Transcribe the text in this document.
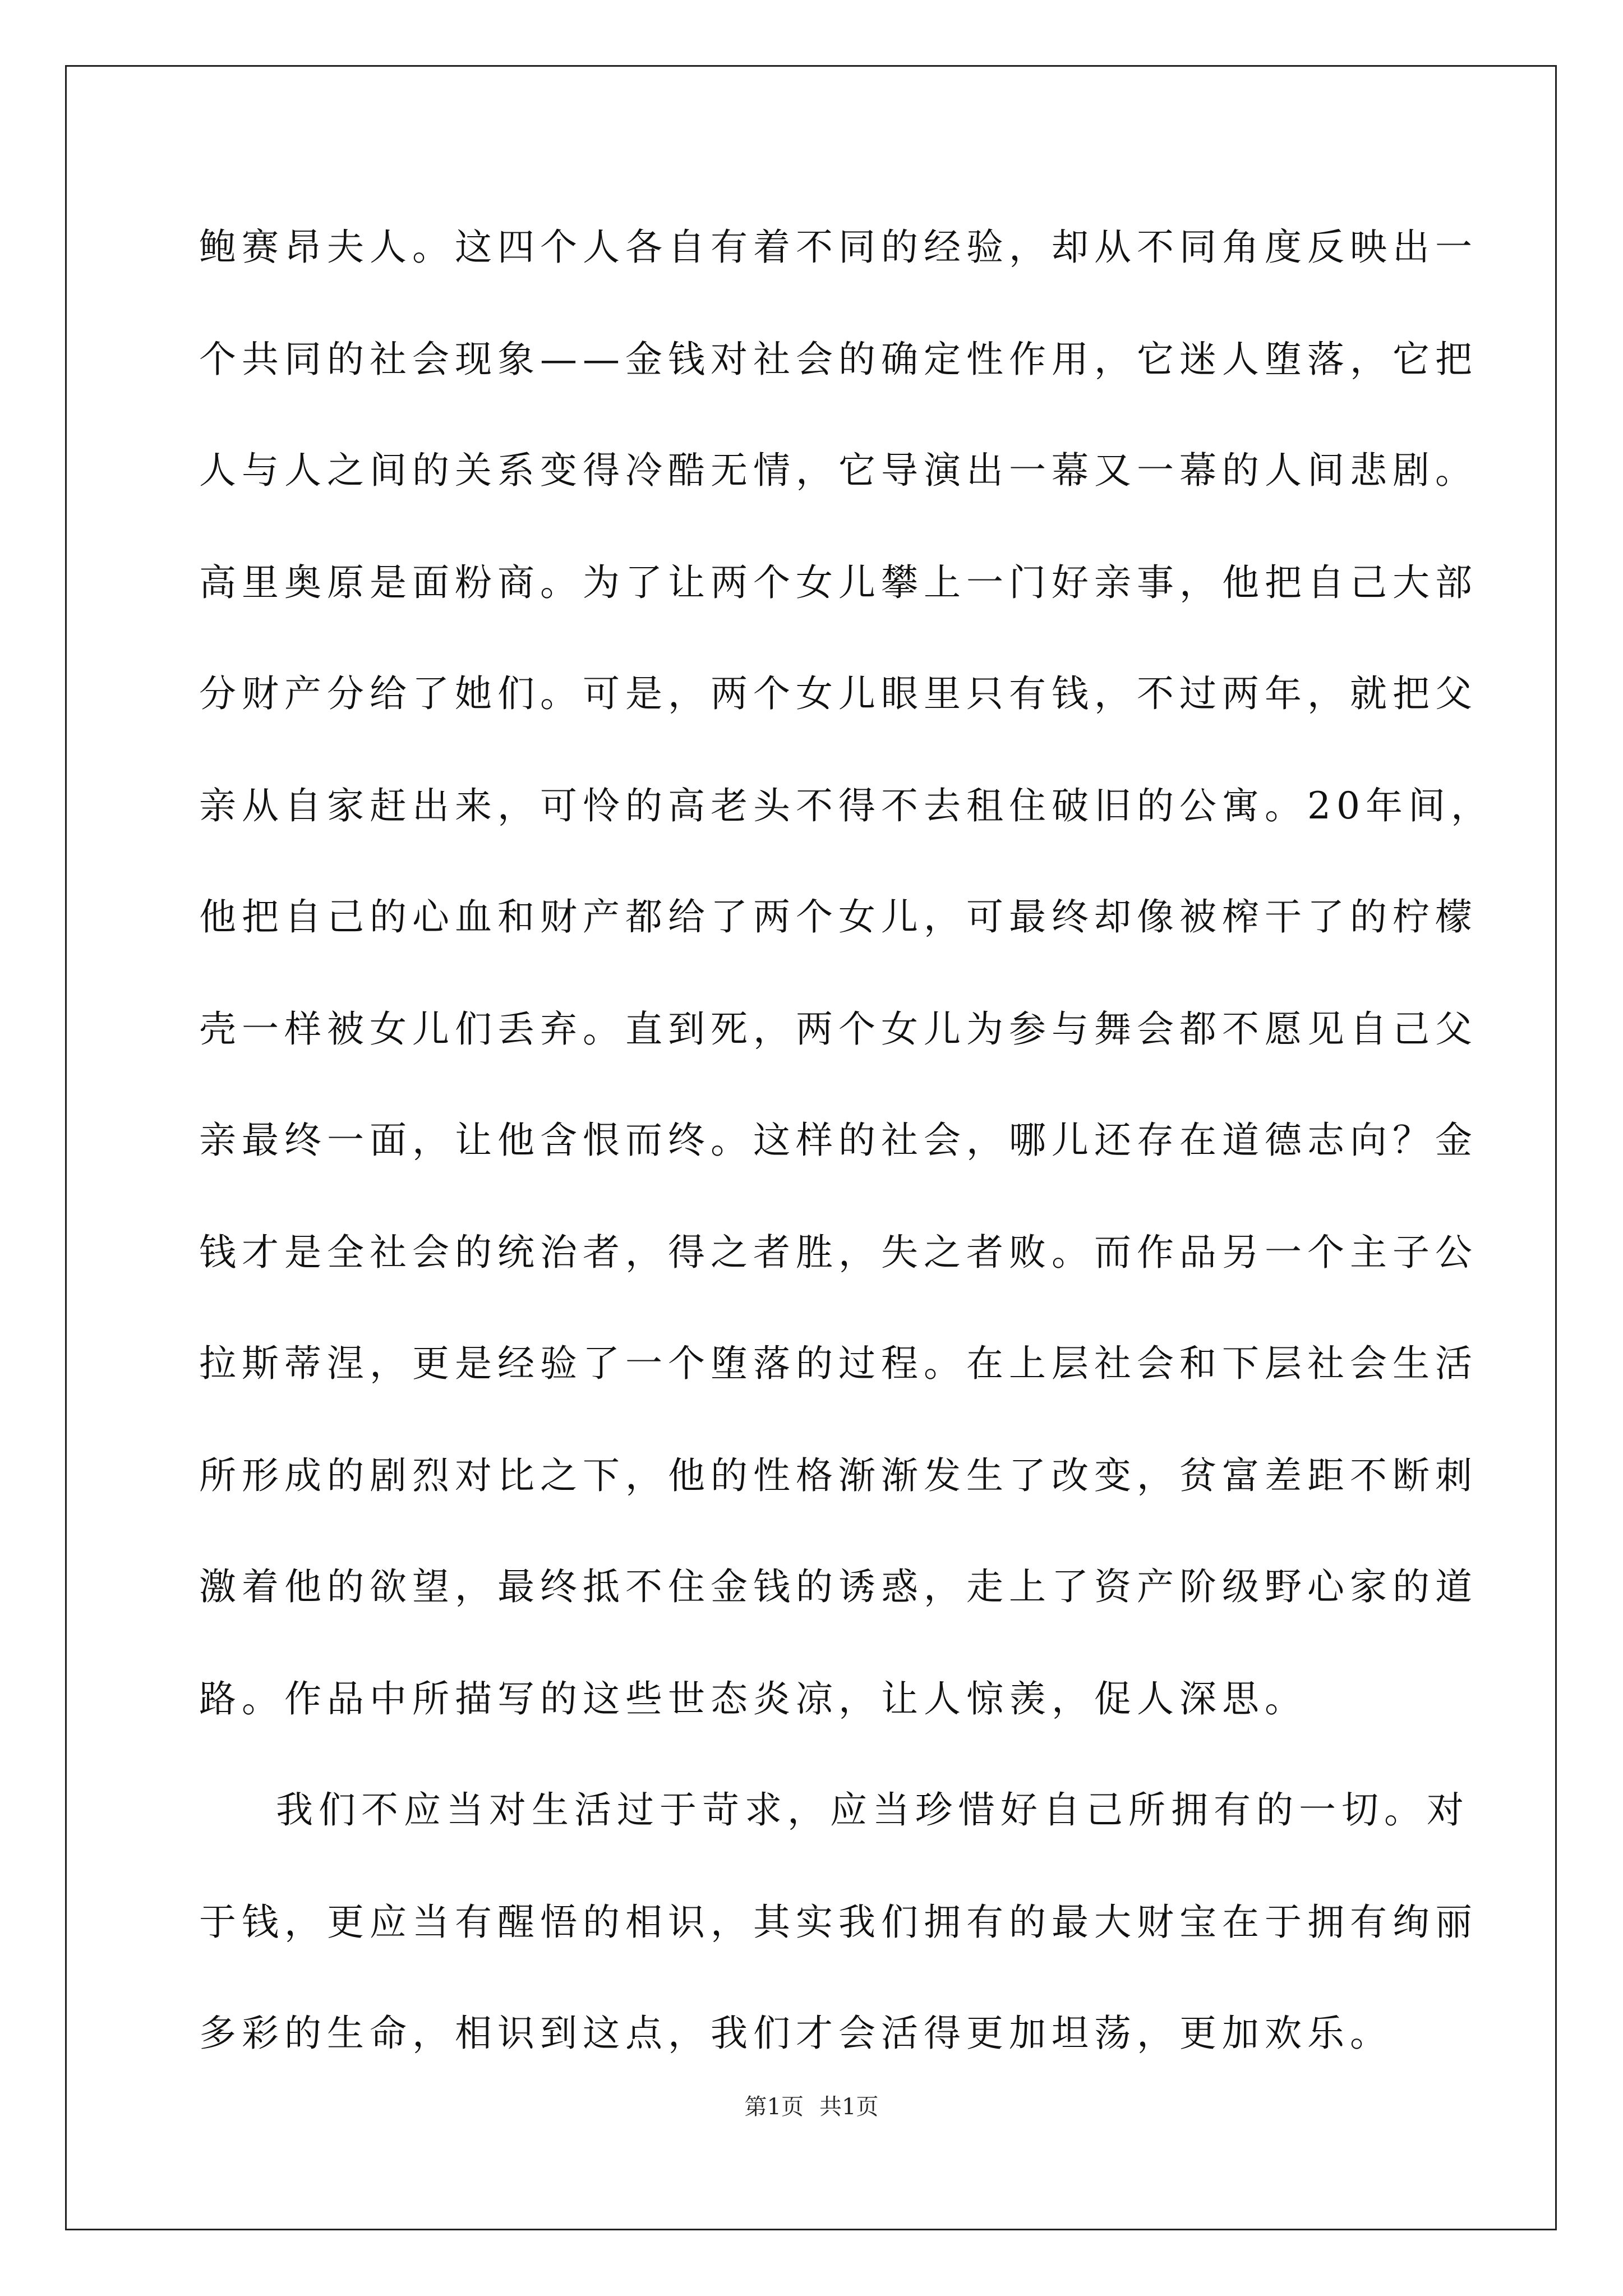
鲍赛昂夫人。这四个人各自有着不同的经验，却从不同角度反映出一
个共同的社会现象——金钱对社会的确定性作用，它迷人堕落，它把
人与人之间的关系变得冷酷无情，它导演出一幕又一幕的人间悲剧。
高里奥原是面粉商。为了让两个女儿攀上一门好亲事，他把自己大部
分财产分给了她们。可是，两个女儿眼里只有钱，不过两年，就把父
亲从自家赶出来，可怜的高老头不得不去租住破旧的公寓。20年间，
他把自己的心血和财产都给了两个女儿，可最终却像被榨干了的柠檬
壳一样被女儿们丢弃。直到死，两个女儿为参与舞会都不愿见自己父
亲最终一面，让他含恨而终。这样的社会，哪儿还存在道德志向？金
钱才是全社会的统治者，得之者胜，失之者败。而作品另一个主子公
拉斯蒂涅，更是经验了一个堕落的过程。在上层社会和下层社会生活
所形成的剧烈对比之下，他的性格渐渐发生了改变，贫富差距不断刺
激着他的欲望，最终抵不住金钱的诱惑，走上了资产阶级野心家的道
路。作品中所描写的这些世态炎凉，让人惊羡，促人深思。
我们不应当对生活过于苛求，应当珍惜好自己所拥有的一切。对
于钱，更应当有醒悟的相识，其实我们拥有的最大财宝在于拥有绚丽
多彩的生命，相识到这点，我们才会活得更加坦荡，更加欢乐。
第1页 共1页
